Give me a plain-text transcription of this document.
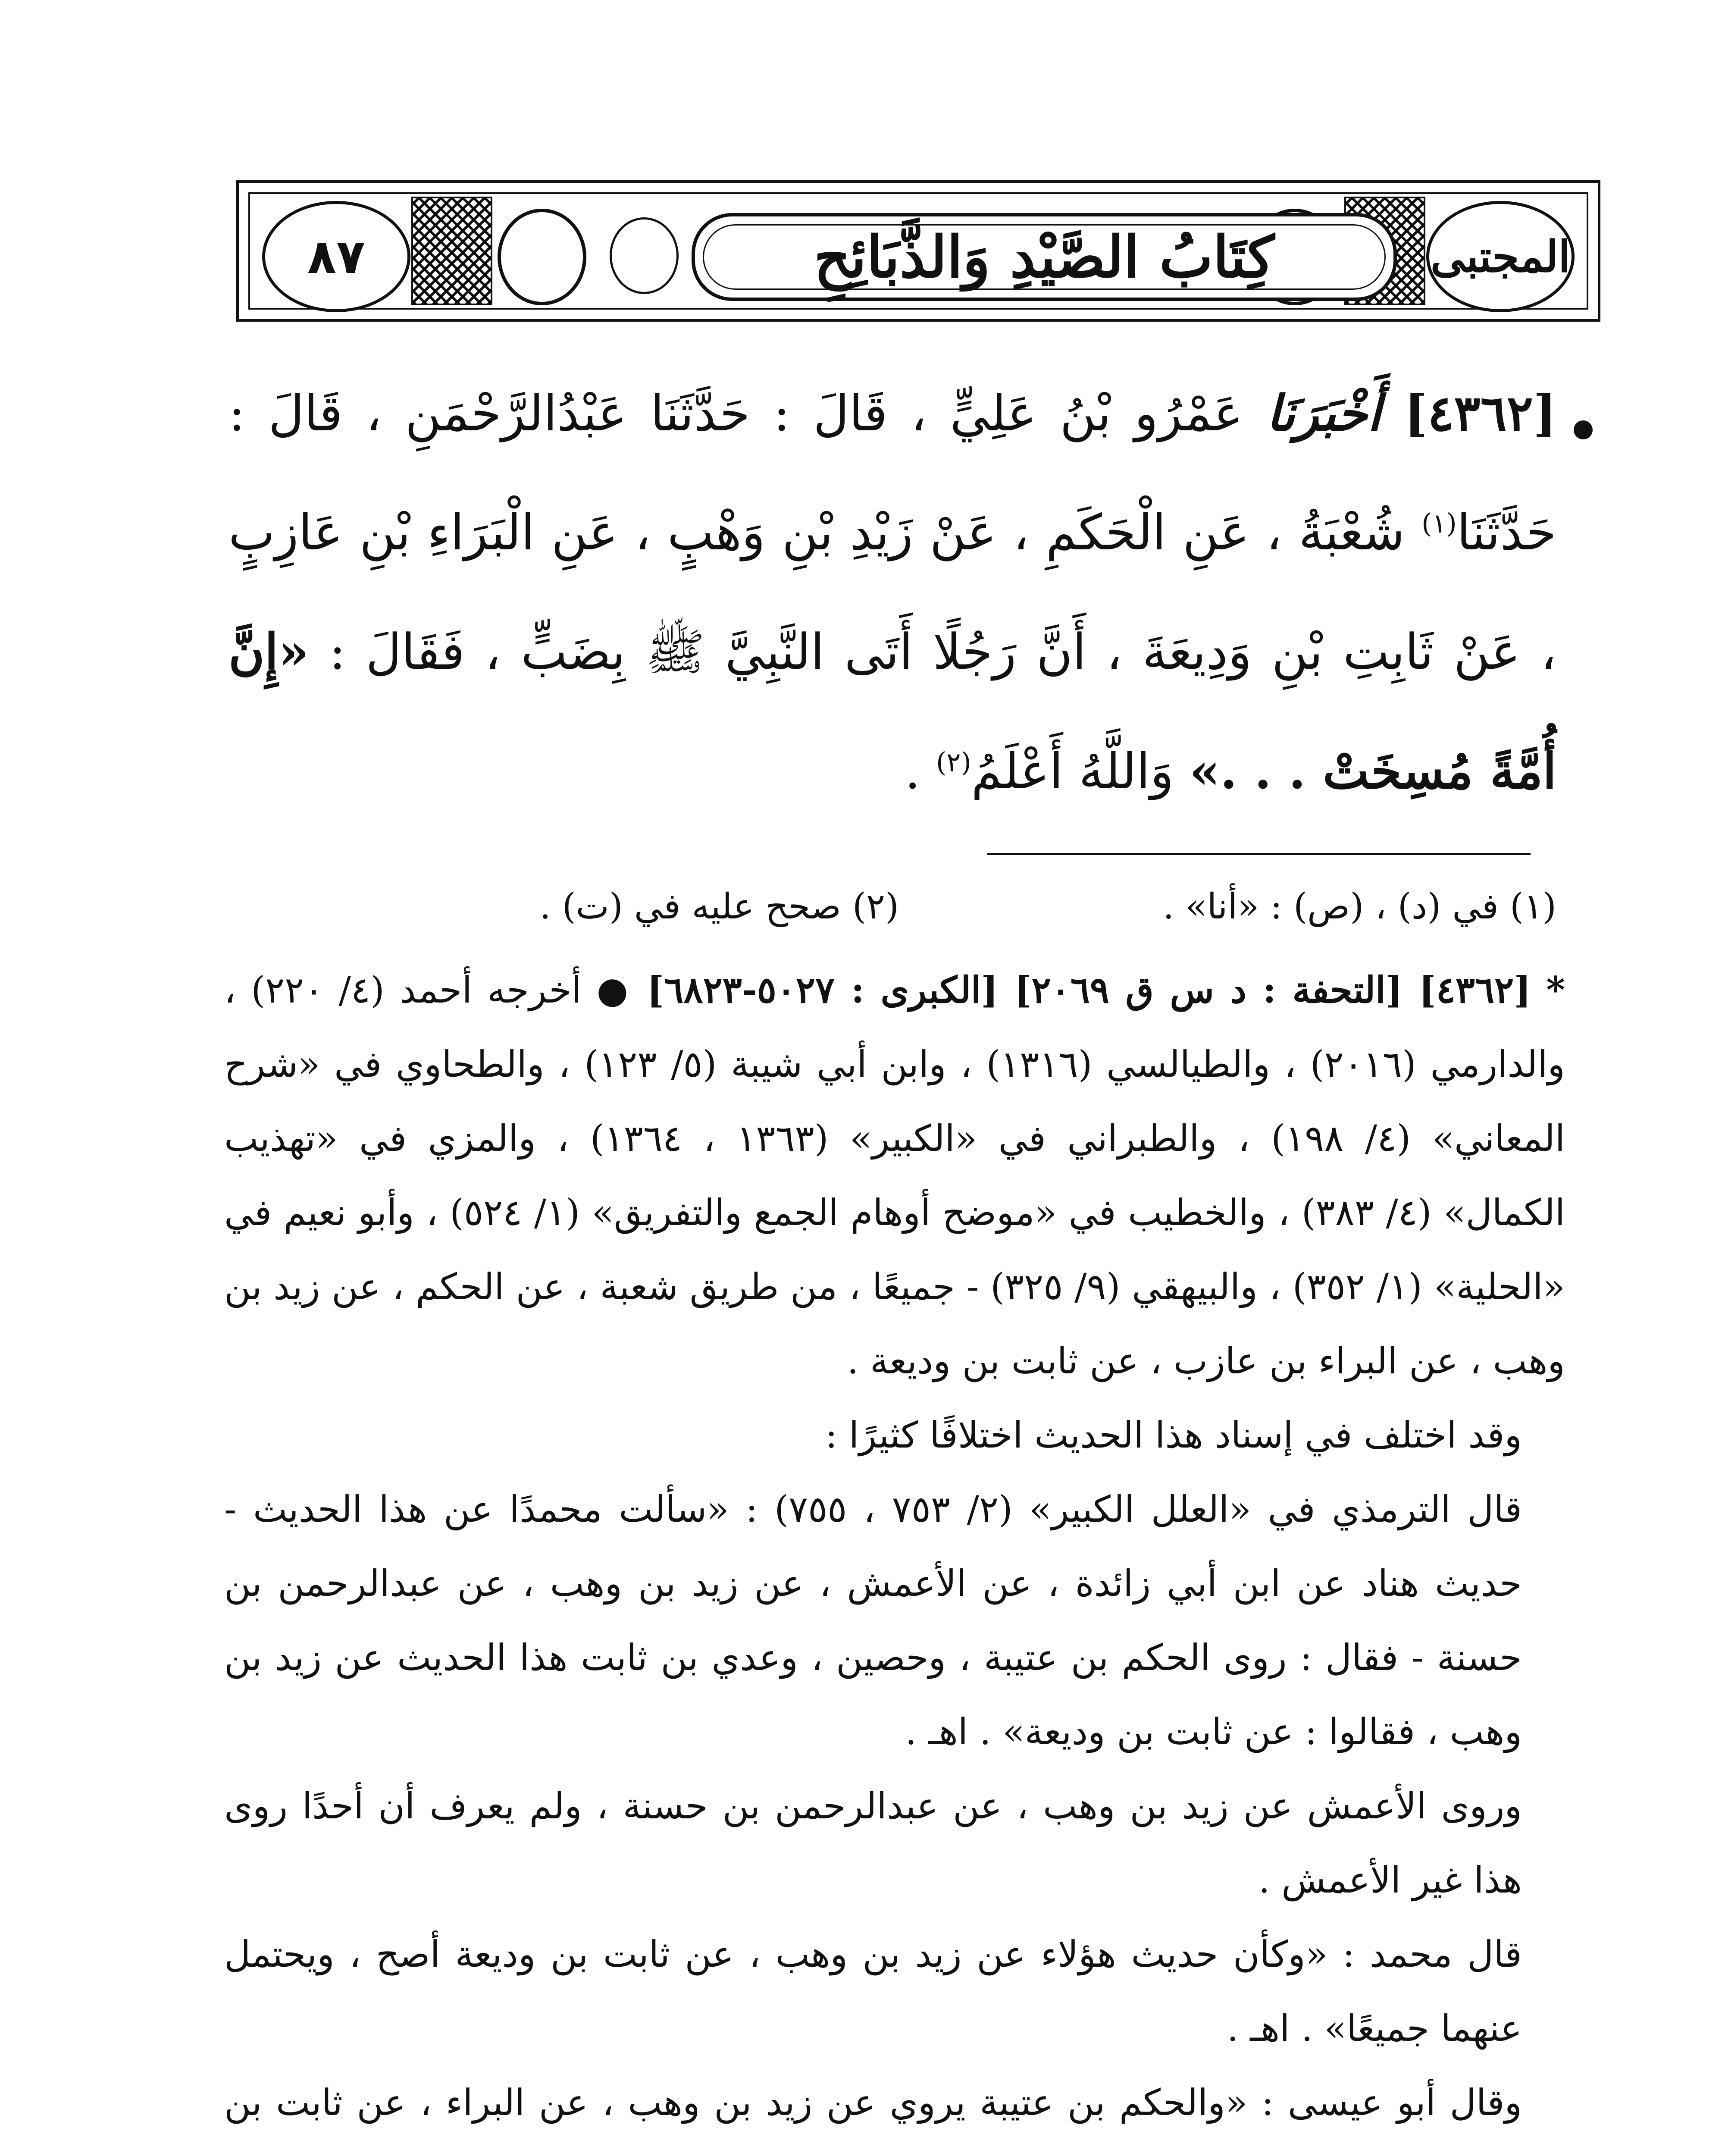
٨٧	كِتَابُ الصَّيْدِ وَالذَّبَائِحِ	المجتبى
[٤٣٦٢] أَخْبَرَنَا عَمْرُو بْنُ عَلِيٍّ ، قَالَ : حَدَّثَنَا عَبْدُالرَّحْمَنِ ، قَالَ : حَدَّثَنَا$^{(١)}$ شُعْبَةُ ، عَنِ الْحَكَمِ ، عَنْ زَيْدِ بْنِ وَهْبٍ ، عَنِ الْبَرَاءِ بْنِ عَازِبٍ ، عَنْ ثَابِتِ بْنِ وَدِيعَةَ ، أَنَّ رَجُلًا أَتَى النَّبِيَّ ﷺ بِضَبٍّ ، فَقَالَ : «إِنَّ أُمَّةً مُسِخَتْ . . .» وَاللَّهُ أَعْلَمُ$^{(٢)}$ .
(١) في (د) ، (ص) : «أنا» .
(٢) صحح عليه في (ت) .

* [٤٣٦٢] [التحفة : د س ق ٢٠٦٩] [الكبرى : ٥٠٢٧-٦٨٢٣] ● أخرجه أحمد (٤/ ٢٢٠) ، والدارمي (٢٠١٦) ، والطيالسي (١٣١٦) ، وابن أبي شيبة (٥/ ١٢٣) ، والطحاوي في «شرح المعاني» (٤/ ١٩٨) ، والطبراني في «الكبير» (١٣٦٣ ، ١٣٦٤) ، والمزي في «تهذيب الكمال» (٤/ ٣٨٣) ، والخطيب في «موضح أوهام الجمع والتفريق» (١/ ٥٢٤) ، وأبو نعيم في «الحلية» (١/ ٣٥٢) ، والبيهقي (٩/ ٣٢٥) - جميعًا ، من طريق شعبة ، عن الحكم ، عن زيد بن وهب ، عن البراء بن عازب ، عن ثابت بن وديعة .

وقد اختلف في إسناد هذا الحديث اختلافًا كثيرًا :

قال الترمذي في «العلل الكبير» (٢/ ٧٥٣ ، ٧٥٥) : «سألت محمدًا عن هذا الحديث - حديث هناد عن ابن أبي زائدة ، عن الأعمش ، عن زيد بن وهب ، عن عبدالرحمن بن حسنة - فقال : روى الحكم بن عتيبة ، وحصين ، وعدي بن ثابت هذا الحديث عن زيد بن وهب ، فقالوا : عن ثابت بن وديعة» . اهـ .

وروى الأعمش عن زيد بن وهب ، عن عبدالرحمن بن حسنة ، ولم يعرف أن أحدًا روى هذا غير الأعمش .

قال محمد : «وكأن حديث هؤلاء عن زيد بن وهب ، عن ثابت بن وديعة أصح ، ويحتمل عنهما جميعًا» . اهـ .

وقال أبو عيسى : «والحكم بن عتيبة يروي عن زيد بن وهب ، عن البراء ، عن ثابت بن
